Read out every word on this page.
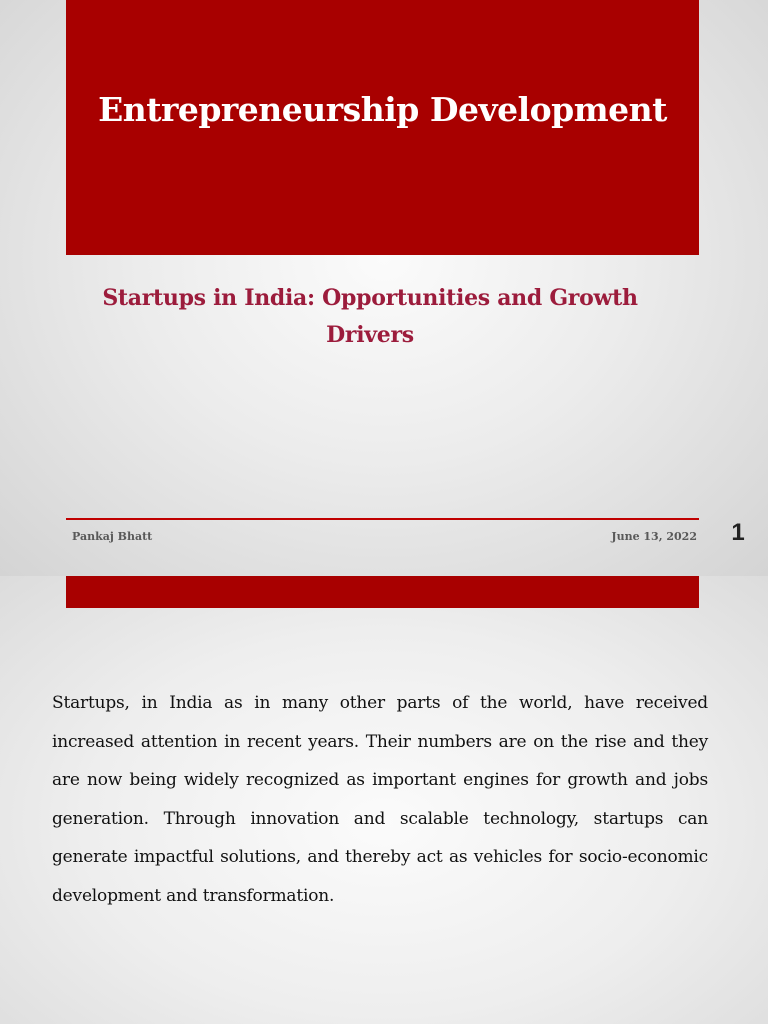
Entrepreneurship Development
Startups in India: Opportunities and Growth Drivers
Pankaj Bhatt	June 13, 2022 1

Startups, in India as in many other parts of the world, have received increased attention in recent years. Their numbers are on the rise and they are now being widely recognized as important engines for growth and jobs generation. Through innovation and scalable technology, startups can generate impactful solutions, and thereby act as vehicles for socio-economic development and transformation.
